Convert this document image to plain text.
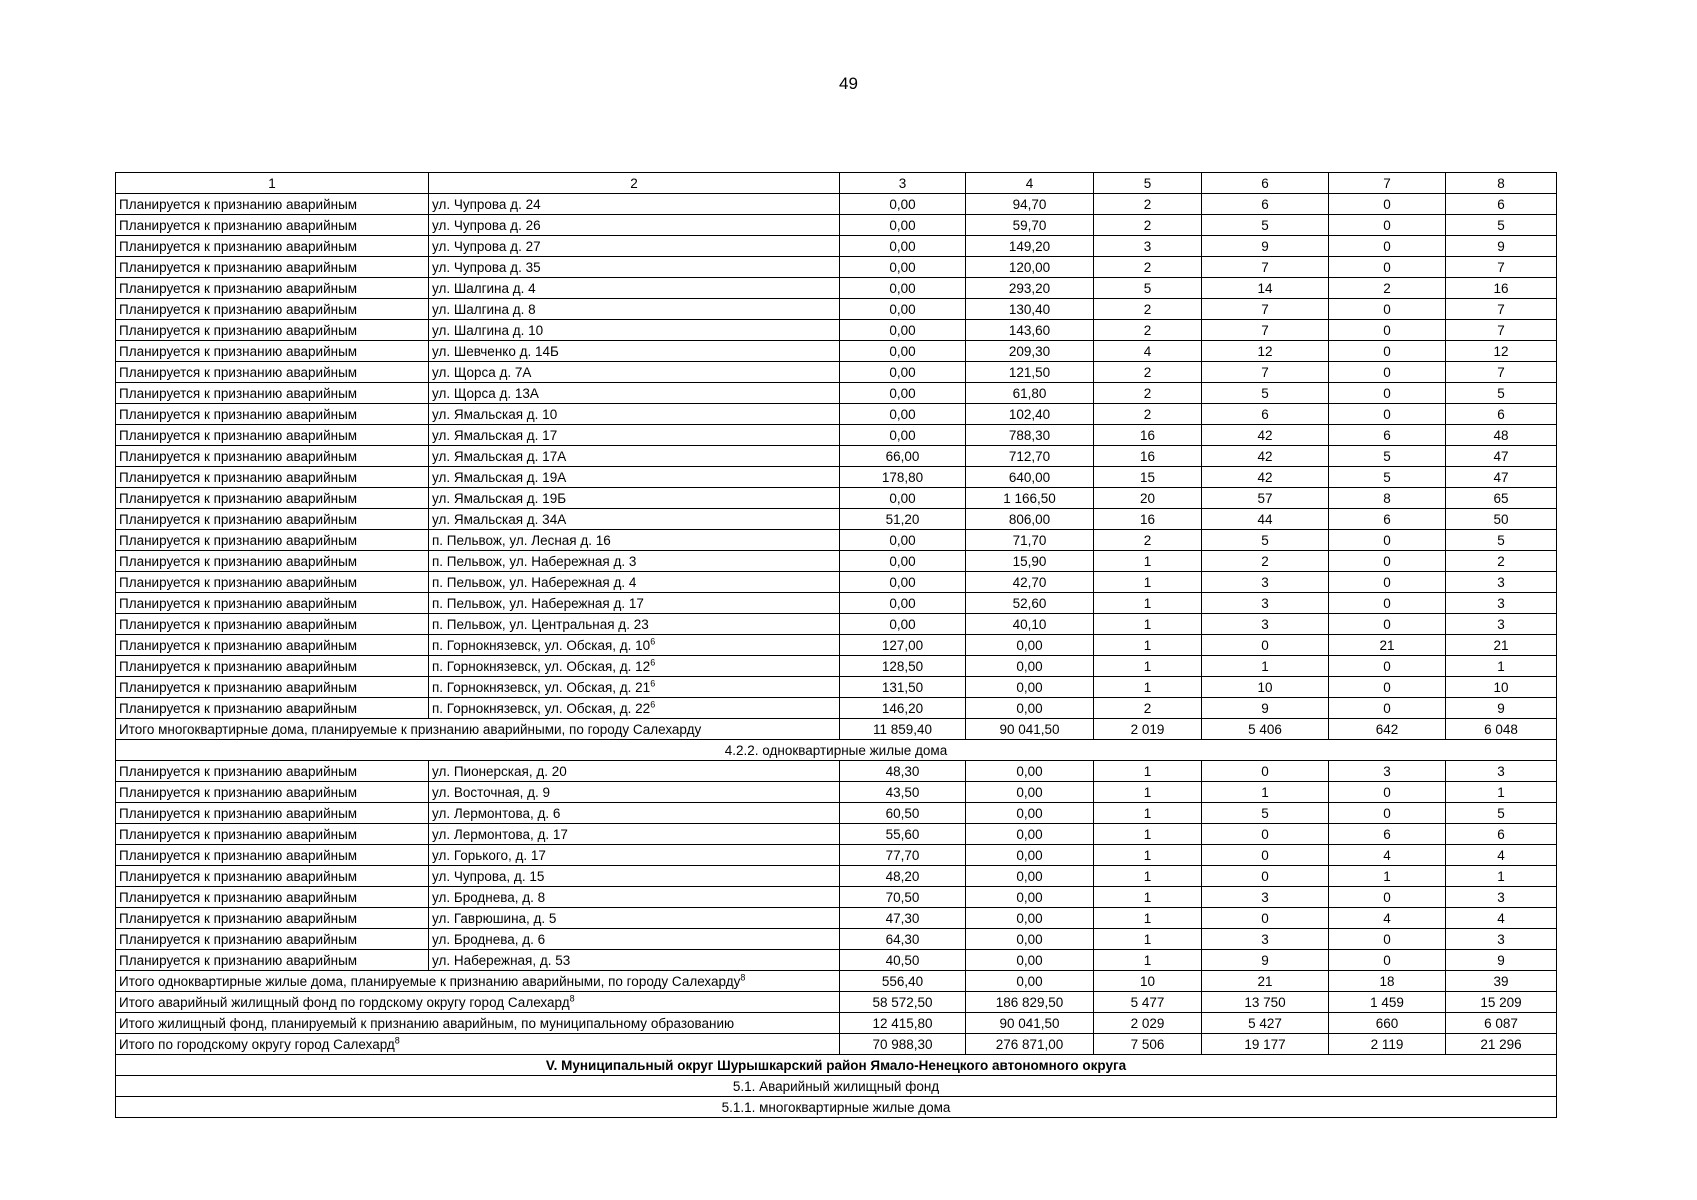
49
1	2	3	4	5	6	7	8
Планируется к признанию аварийным	ул. Чупрова д. 24	0,00	94,70	2	6	0	6
Планируется к признанию аварийным	ул. Чупрова д. 26	0,00	59,70	2	5	0	5
Планируется к признанию аварийным	ул. Чупрова д. 27	0,00	149,20	3	9	0	9
Планируется к признанию аварийным	ул. Чупрова д. 35	0,00	120,00	2	7	0	7
Планируется к признанию аварийным	ул. Шалгина д. 4	0,00	293,20	5	14	2	16
Планируется к признанию аварийным	ул. Шалгина д. 8	0,00	130,40	2	7	0	7
Планируется к признанию аварийным	ул. Шалгина д. 10	0,00	143,60	2	7	0	7
Планируется к признанию аварийным	ул. Шевченко д. 14Б	0,00	209,30	4	12	0	12
Планируется к признанию аварийным	ул. Щорса д. 7А	0,00	121,50	2	7	0	7
Планируется к признанию аварийным	ул. Щорса д. 13А	0,00	61,80	2	5	0	5
Планируется к признанию аварийным	ул. Ямальская д. 10	0,00	102,40	2	6	0	6
Планируется к признанию аварийным	ул. Ямальская д. 17	0,00	788,30	16	42	6	48
Планируется к признанию аварийным	ул. Ямальская д. 17А	66,00	712,70	16	42	5	47
Планируется к признанию аварийным	ул. Ямальская д. 19А	178,80	640,00	15	42	5	47
Планируется к признанию аварийным	ул. Ямальская д. 19Б	0,00	1 166,50	20	57	8	65
Планируется к признанию аварийным	ул. Ямальская д. 34А	51,20	806,00	16	44	6	50
Планируется к признанию аварийным	п. Пельвож, ул. Лесная д. 16	0,00	71,70	2	5	0	5
Планируется к признанию аварийным	п. Пельвож, ул. Набережная д. 3	0,00	15,90	1	2	0	2
Планируется к признанию аварийным	п. Пельвож, ул. Набережная д. 4	0,00	42,70	1	3	0	3
Планируется к признанию аварийным	п. Пельвож, ул. Набережная д. 17	0,00	52,60	1	3	0	3
Планируется к признанию аварийным	п. Пельвож, ул. Центральная д. 23	0,00	40,10	1	3	0	3
Планируется к признанию аварийным	п. Горнокнязевск, ул. Обская, д. $10^6$	127,00	0,00	1	0	21	21
Планируется к признанию аварийным	п. Горнокнязевск, ул. Обская, д. $12^6$	128,50	0,00	1	1	0	1
Планируется к признанию аварийным	п. Горнокнязевск, ул. Обская, д. $21^6$	131,50	0,00	1	10	0	10
Планируется к признанию аварийным	п. Горнокнязевск, ул. Обская, д. $22^6$	146,20	0,00	2	9	0	9
Итого многоквартирные дома, планируемые к признанию аварийными, по городу Салехарду		11 859,40	90 041,50	2 019	5 406	642	6 048
4.2.2. одноквартирные жилые дома							
Планируется к признанию аварийным	ул. Пионерская, д. 20	48,30	0,00	1	0	3	3
Планируется к признанию аварийным	ул. Восточная, д. 9	43,50	0,00	1	1	0	1
Планируется к признанию аварийным	ул. Лермонтова, д. 6	60,50	0,00	1	5	0	5
Планируется к признанию аварийным	ул. Лермонтова, д. 17	55,60	0,00	1	0	6	6
Планируется к признанию аварийным	ул. Горького, д. 17	77,70	0,00	1	0	4	4
Планируется к признанию аварийным	ул. Чупрова, д. 15	48,20	0,00	1	0	1	1
Планируется к признанию аварийным	ул. Броднева, д. 8	70,50	0,00	1	3	0	3
Планируется к признанию аварийным	ул. Гаврюшина, д. 5	47,30	0,00	1	0	4	4
Планируется к признанию аварийным	ул. Броднева, д. 6	64,30	0,00	1	3	0	3
Планируется к признанию аварийным	ул. Набережная, д. 53	40,50	0,00	1	9	0	9
Итого одноквартирные жилые дома, планируемые к признанию аварийными, по городу Салехарду$^8$		556,40	0,00	10	21	18	39
Итого аварийный жилищный фонд по гордскому округу город Салехард$^8$		58 572,50	186 829,50	5 477	13 750	1 459	15 209
Итого жилищный фонд, планируемый к признанию аварийным, по муниципальному образованию		12 415,80	90 041,50	2 029	5 427	660	6 087
Итого по городскому округу город Салехард$^8$		70 988,30	276 871,00	7 506	19 177	2 119	21 296
V. Муниципальный округ Шурышкарский район Ямало-Ненецкого автономного округа							
5.1. Аварийный жилищный фонд							
5.1.1. многоквартирные жилые дома							
